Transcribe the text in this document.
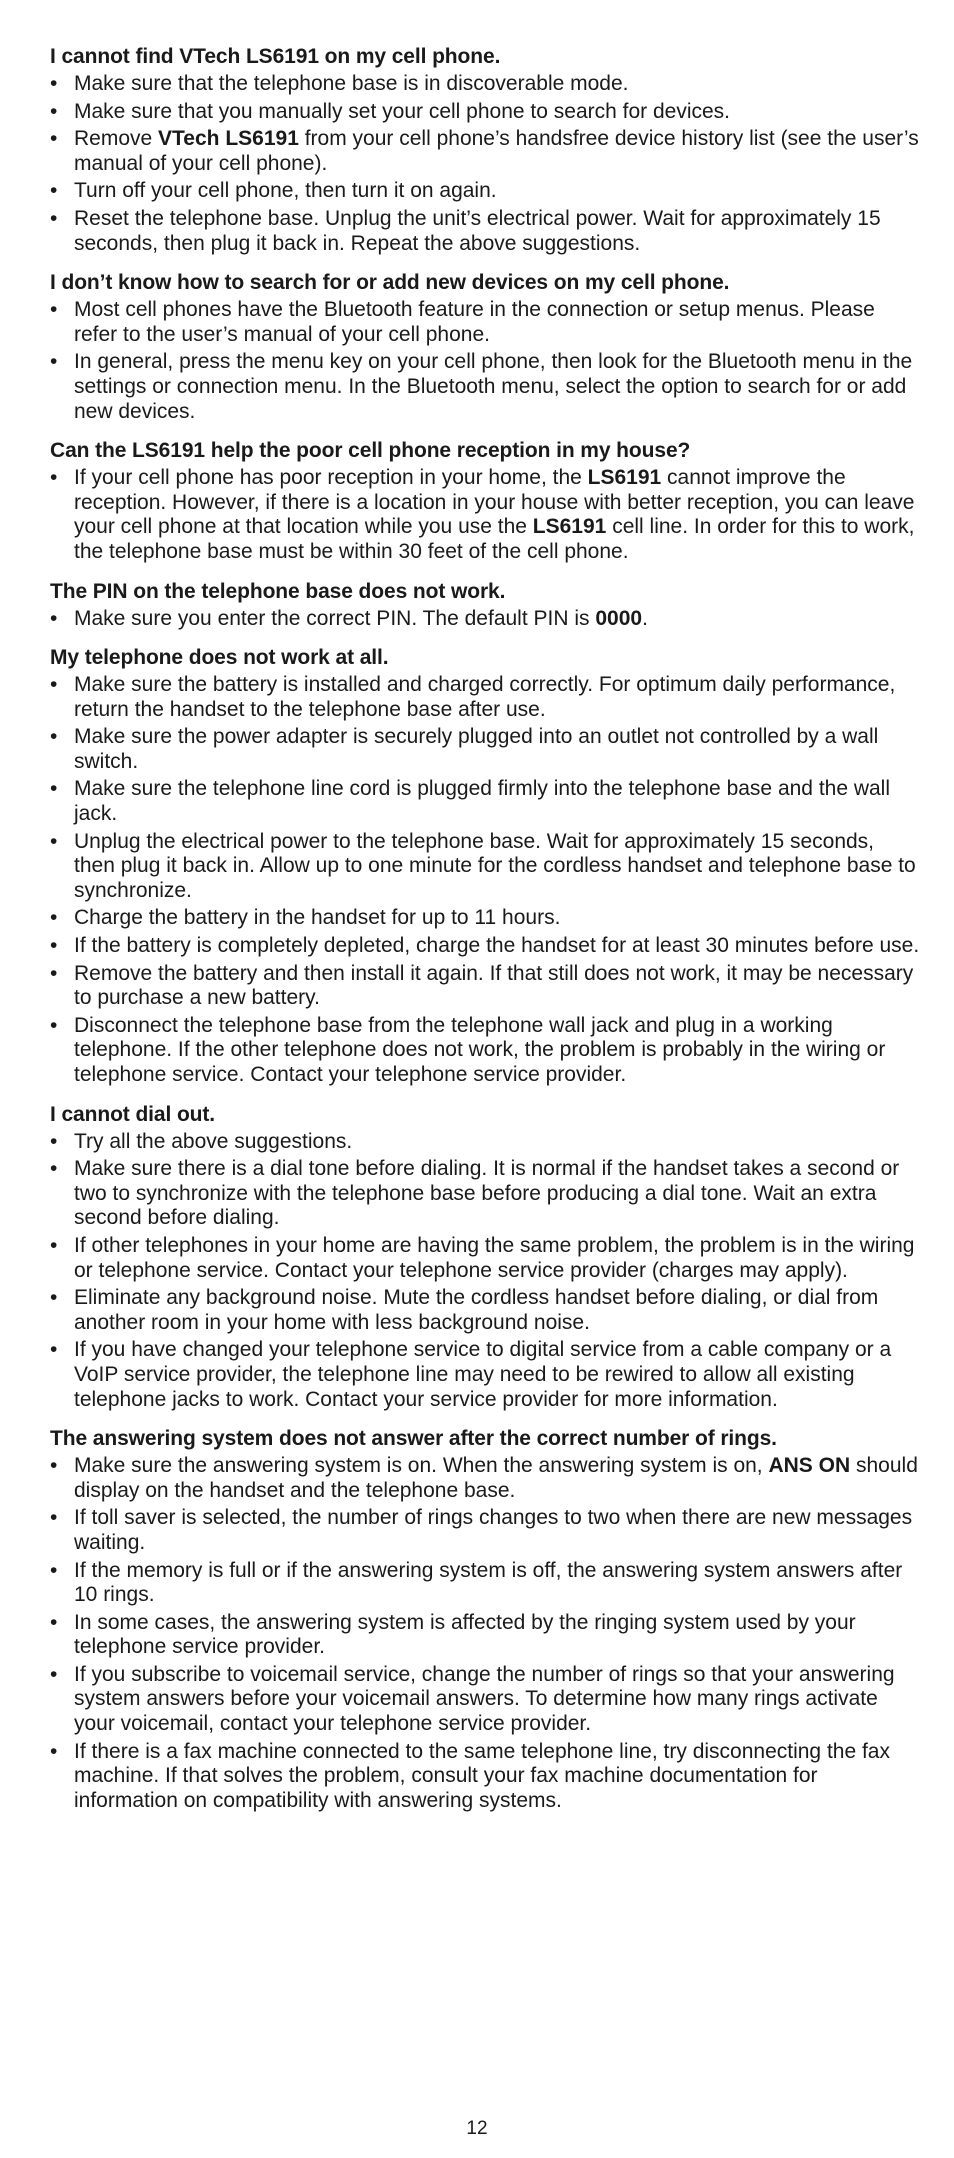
I cannot find VTech LS6191 on my cell phone.

• Make sure that the telephone base is in discoverable mode.
• Make sure that you manually set your cell phone to search for devices.
• Remove VTech LS6191 from your cell phone’s handsfree device history list (see the user’s manual of your cell phone).
• Turn off your cell phone, then turn it on again.
• Reset the telephone base. Unplug the unit’s electrical power. Wait for approximately 15 seconds, then plug it back in. Repeat the above suggestions.

I don’t know how to search for or add new devices on my cell phone.

• Most cell phones have the Bluetooth feature in the connection or setup menus. Please refer to the user’s manual of your cell phone.
• In general, press the menu key on your cell phone, then look for the Bluetooth menu in the settings or connection menu. In the Bluetooth menu, select the option to search for or add new devices.

Can the LS6191 help the poor cell phone reception in my house?

• If your cell phone has poor reception in your home, the LS6191 cannot improve the reception. However, if there is a location in your house with better reception, you can leave your cell phone at that location while you use the LS6191 cell line. In order for this to work, the telephone base must be within 30 feet of the cell phone.

The PIN on the telephone base does not work.

• Make sure you enter the correct PIN. The default PIN is 0000.

My telephone does not work at all.

• Make sure the battery is installed and charged correctly. For optimum daily performance, return the handset to the telephone base after use.
• Make sure the power adapter is securely plugged into an outlet not controlled by a wall switch.
• Make sure the telephone line cord is plugged firmly into the telephone base and the wall jack.
• Unplug the electrical power to the telephone base. Wait for approximately 15 seconds, then plug it back in. Allow up to one minute for the cordless handset and telephone base to synchronize.
• Charge the battery in the handset for up to 11 hours.
• If the battery is completely depleted, charge the handset for at least 30 minutes before use.
• Remove the battery and then install it again. If that still does not work, it may be necessary to purchase a new battery.
• Disconnect the telephone base from the telephone wall jack and plug in a working telephone. If the other telephone does not work, the problem is probably in the wiring or telephone service. Contact your telephone service provider.

I cannot dial out.

• Try all the above suggestions.
• Make sure there is a dial tone before dialing. It is normal if the handset takes a second or two to synchronize with the telephone base before producing a dial tone. Wait an extra second before dialing.
• If other telephones in your home are having the same problem, the problem is in the wiring or telephone service. Contact your telephone service provider (charges may apply).
• Eliminate any background noise. Mute the cordless handset before dialing, or dial from another room in your home with less background noise.
• If you have changed your telephone service to digital service from a cable company or a VoIP service provider, the telephone line may need to be rewired to allow all existing telephone jacks to work. Contact your service provider for more information.

The answering system does not answer after the correct number of rings.

• Make sure the answering system is on. When the answering system is on, ANS ON should display on the handset and the telephone base.
• If toll saver is selected, the number of rings changes to two when there are new messages waiting.
• If the memory is full or if the answering system is off, the answering system answers after 10 rings.
• In some cases, the answering system is affected by the ringing system used by your telephone service provider.
• If you subscribe to voicemail service, change the number of rings so that your answering system answers before your voicemail answers. To determine how many rings activate your voicemail, contact your telephone service provider.
• If there is a fax machine connected to the same telephone line, try disconnecting the fax machine. If that solves the problem, consult your fax machine documentation for information on compatibility with answering systems.
12
